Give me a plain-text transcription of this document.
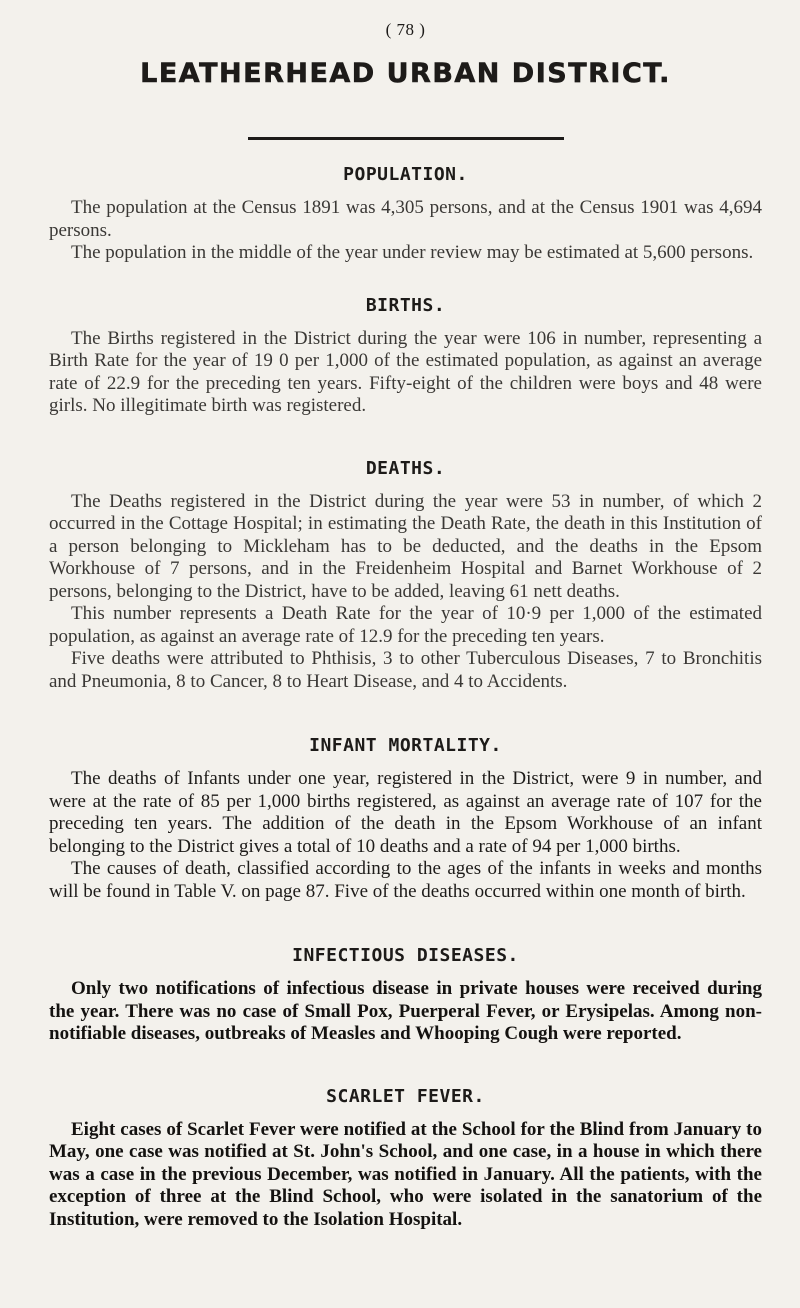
( 78 )
LEATHERHEAD URBAN DISTRICT.
POPULATION.

The population at the Census 1891 was 4,305 persons, and at the Census 1901 was 4,694 persons.

The population in the middle of the year under review may be estimated at 5,600 persons.

BIRTHS.

The Births registered in the District during the year were 106 in number, representing a Birth Rate for the year of 19 0 per 1,000 of the estimated population, as against an average rate of 22.9 for the preceding ten years. Fifty-eight of the children were boys and 48 were girls. No illegitimate birth was registered.

DEATHS.

The Deaths registered in the District during the year were 53 in number, of which 2 occurred in the Cottage Hospital; in estimating the Death Rate, the death in this Institution of a person belonging to Mickleham has to be deducted, and the deaths in the Epsom Workhouse of 7 persons, and in the Freidenheim Hospital and Barnet Workhouse of 2 persons, belonging to the District, have to be added, leaving 61 nett deaths.

This number represents a Death Rate for the year of 10·9 per 1,000 of the estimated population, as against an average rate of 12.9 for the preceding ten years.

Five deaths were attributed to Phthisis, 3 to other Tuberculous Diseases, 7 to Bronchitis and Pneumonia, 8 to Cancer, 8 to Heart Disease, and 4 to Accidents.

INFANT MORTALITY.

The deaths of Infants under one year, registered in the District, were 9 in number, and were at the rate of 85 per 1,000 births registered, as against an average rate of 107 for the preceding ten years. The addition of the death in the Epsom Workhouse of an infant belonging to the District gives a total of 10 deaths and a rate of 94 per 1,000 births.

The causes of death, classified according to the ages of the infants in weeks and months will be found in Table V. on page 87. Five of the deaths occurred within one month of birth.

INFECTIOUS DISEASES.

Only two notifications of infectious disease in private houses were received during the year. There was no case of Small Pox, Puerperal Fever, or Erysipelas. Among non-notifiable diseases, outbreaks of Measles and Whooping Cough were reported.

SCARLET FEVER.

Eight cases of Scarlet Fever were notified at the School for the Blind from January to May, one case was notified at St. John's School, and one case, in a house in which there was a case in the previous December, was notified in January. All the patients, with the exception of three at the Blind School, who were isolated in the sanatorium of the Institution, were removed to the Isolation Hospital.
